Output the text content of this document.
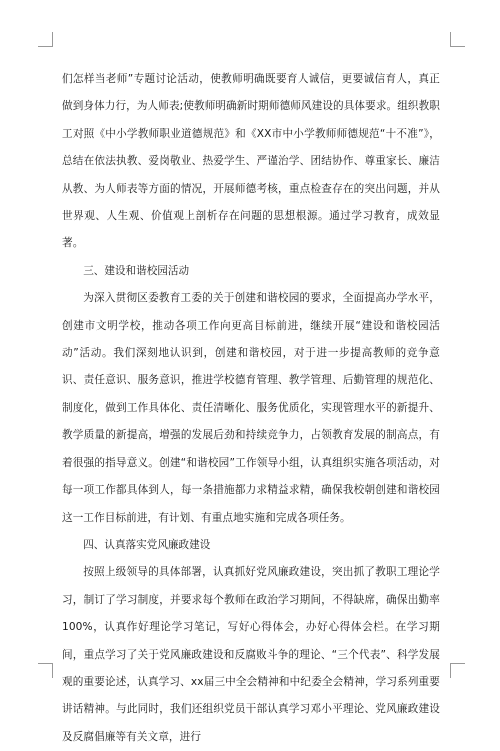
们怎样当老师”专题讨论活动，使教师明确既要育人诚信，更要诚信育人，真正做到身体力行，为人师表;使教师明确新时期师德师风建设的具体要求。组织教职工对照《中小学教师职业道德规范》和《XX市中小学教师师德规范“十不准”》，总结在依法执教、爱岗敬业、热爱学生、严谨治学、团结协作、尊重家长、廉洁从教、为人师表等方面的情况，开展师德考核，重点检查存在的突出问题，并从世界观、人生观、价值观上剖析存在问题的思想根源。通过学习教育，成效显著。

三、建设和谐校园活动

为深入贯彻区委教育工委的关于创建和谐校园的要求，全面提高办学水平，创建市文明学校，推动各项工作向更高目标前进，继续开展“建设和谐校园活动”活动。我们深刻地认识到，创建和谐校园，对于进一步提高教师的竞争意识、责任意识、服务意识，推进学校德育管理、教学管理、后勤管理的规范化、制度化，做到工作具体化、责任清晰化、服务优质化，实现管理水平的新提升、教学质量的新提高，增强的发展后劲和持续竞争力，占领教育发展的制高点，有着很强的指导意义。创建“和谐校园”工作领导小组，认真组织实施各项活动，对每一项工作都具体到人，每一条措施都力求精益求精，确保我校朝创建和谐校园这一工作目标前进，有计划、有重点地实施和完成各项任务。

四、认真落实党风廉政建设

按照上级领导的具体部署，认真抓好党风廉政建设，突出抓了教职工理论学习，制订了学习制度，并要求每个教师在政治学习期间，不得缺席，确保出勤率100%，认真作好理论学习笔记，写好心得体会，办好心得体会栏。在学习期间，重点学习了关于党风廉政建设和反腐败斗争的理论、“三个代表”、科学发展观的重要论述，认真学习、xx届三中全会精神和中纪委全会精神，学习系列重要讲话精神。与此同时，我们还组织党员干部认真学习邓小平理论、党风廉政建设及反腐倡廉等有关文章，进行
